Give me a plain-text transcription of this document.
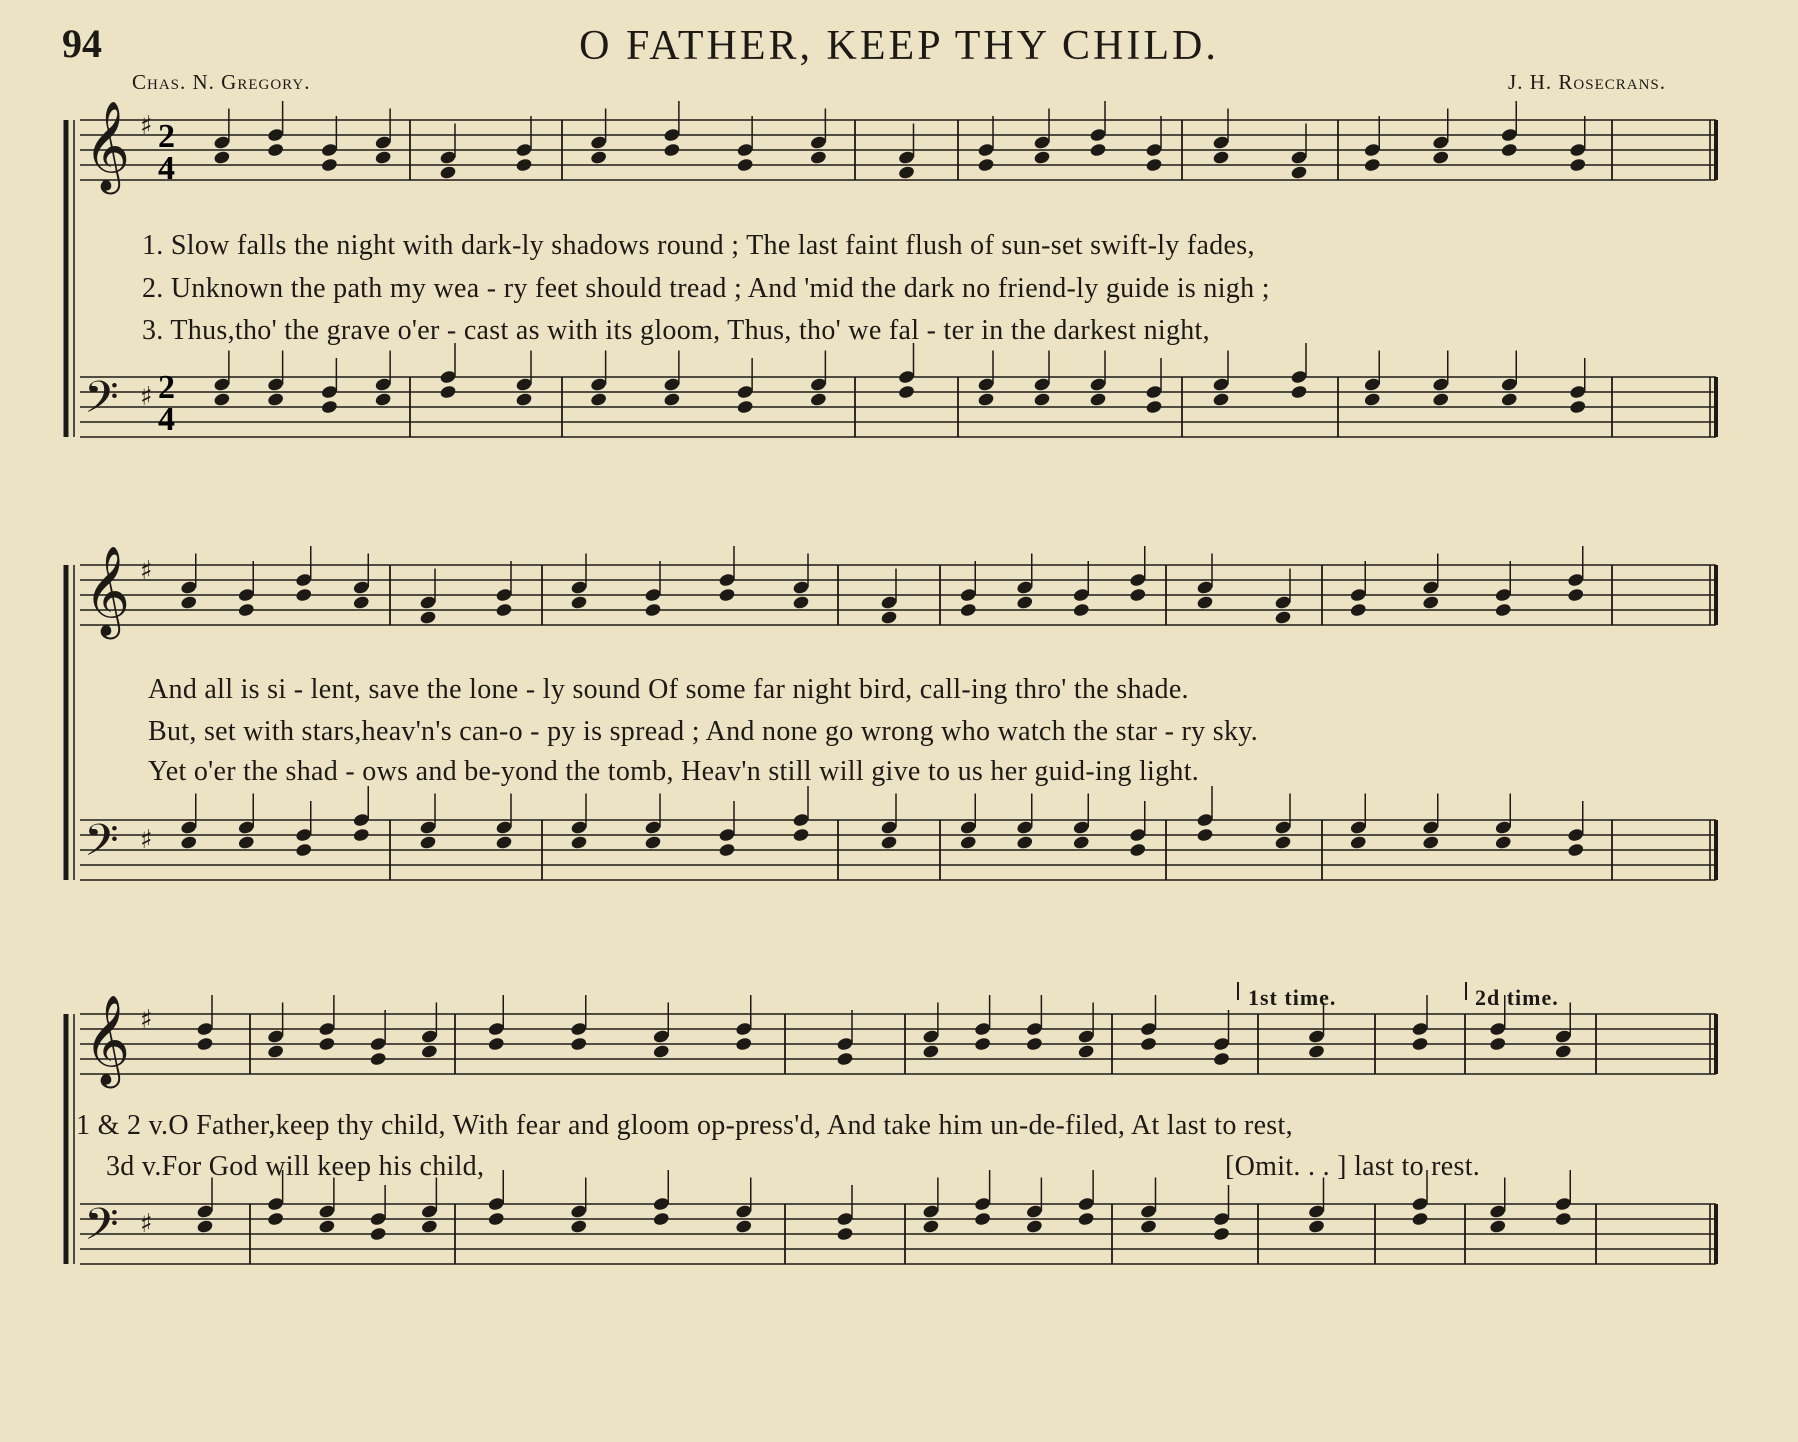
94	O FATHER, KEEP THY CHILD.
Chas. N. Gregory.	J. H. Rosecrans.
𝄞 ♯
𝄢 ♯
𝄞 ♯
𝄢 ♯
𝄞 ♯
𝄢 ♯
2
4
2
4
1. Slow falls the night with dark-ly shadows round ; The last faint flush of sun-set swift-ly fades,
2. Unknown the path my wea - ry feet should tread ; And 'mid the dark no friend-ly guide is nigh ;
3. Thus,tho' the grave o'er - cast as with its gloom, Thus, tho' we fal - ter in the darkest night,
And all is si - lent, save the lone - ly sound Of some far night bird, call-ing thro' the shade.
But, set with stars,heav'n's can-o - py is spread ; And none go wrong who watch the star - ry sky.
Yet o'er the shad - ows and be-yond the tomb, Heav'n still will give to us her guid-ing light.
1st time.	2d time.
1 & 2 v.O Father,keep thy child, With fear and gloom op-press'd, And take him un-de-filed, At last to rest,
3d v.For God will keep his child,	[Omit. . . ] last to rest.
